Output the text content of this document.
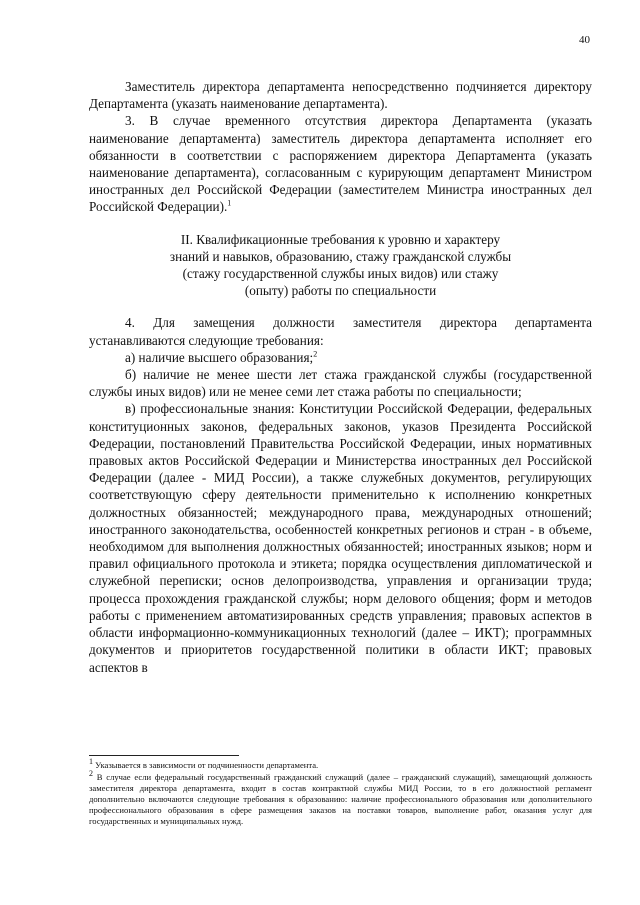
40

Заместитель директора департамента непосредственно подчиняется директору Департамента (указать наименование департамента).

3. В случае временного отсутствия директора Департамента (указать наименование департамента) заместитель директора департамента исполняет его обязанности в соответствии с распоряжением директора Департамента (указать наименование департамента), согласованным с курирующим департамент Министром иностранных дел Российской Федерации (заместителем Министра иностранных дел Российской Федерации).$^1$

II. Квалификационные требования к уровню и характеру
знаний и навыков, образованию, стажу гражданской службы
(стажу государственной службы иных видов) или стажу
(опыту) работы по специальности

4. Для замещения должности заместителя директора департамента устанавливаются следующие требования:

а) наличие высшего образования;$^2$

б) наличие не менее шести лет стажа гражданской службы (государственной службы иных видов) или не менее семи лет стажа работы по специальности;

в) профессиональные знания: Конституции Российской Федерации, федеральных конституционных законов, федеральных законов, указов Президента Российской Федерации, постановлений Правительства Российской Федерации, иных нормативных правовых актов Российской Федерации и Министерства иностранных дел Российской Федерации (далее - МИД России), а также служебных документов, регулирующих соответствующую сферу деятельности применительно к исполнению конкретных должностных обязанностей; международного права, международных отношений; иностранного законодательства, особенностей конкретных регионов и стран - в объеме, необходимом для выполнения должностных обязанностей; иностранных языков; норм и правил официального протокола и этикета; порядка осуществления дипломатической и служебной переписки; основ делопроизводства, управления и организации труда; процесса прохождения гражданской службы; норм делового общения; форм и методов работы с применением автоматизированных средств управления; правовых аспектов в области информационно-коммуникационных технологий (далее – ИКТ); программных документов и приоритетов государственной политики в области ИКТ; правовых аспектов в

1 Указывается в зависимости от подчиненности департамента.

2 В случае если федеральный государственный гражданский служащий (далее – гражданский служащий), замещающий должность заместителя директора департамента, входит в состав контрактной службы МИД России, то в его должностной регламент дополнительно включаются следующие требования к образованию: наличие профессионального образования или дополнительного профессионального образования в сфере размещения заказов на поставки товаров, выполнение работ, оказания услуг для государственных и муниципальных нужд.
